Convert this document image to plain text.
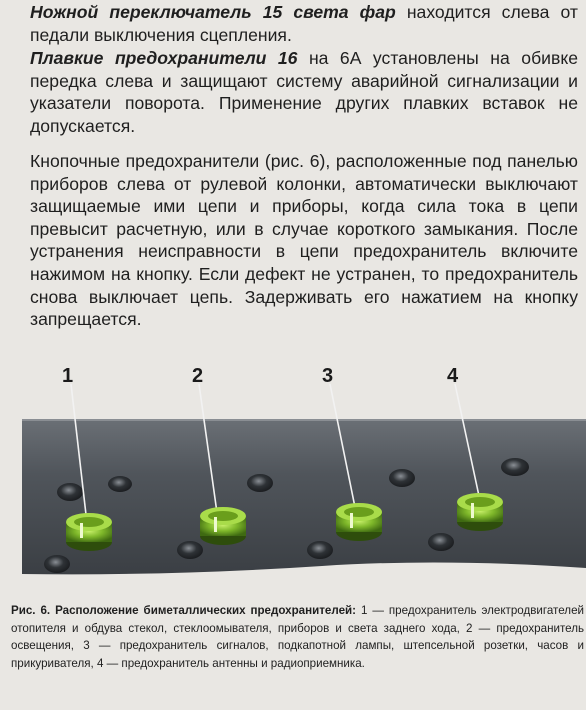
Ножной переключатель 15 света фар находится слева от педали выключения сцепления.

Плавкие предохранители 16 на 6А установлены на обивке передка слева и защищают систему аварийной сигнализации и указатели поворота. Применение других плавких вставок не допускается.

Кнопочные предохранители (рис. 6), расположенные под панелью приборов слева от рулевой колонки, автоматически выключают защищаемые ими цепи и приборы, когда сила тока в цепи превысит расчетную, или в случае короткого замыкания. После устранения неисправности в цепи предохранитель включите нажимом на кнопку. Если дефект не устранен, то предохранитель снова выключает цепь. Задерживать его нажатием на кнопку запрещается.

1	2	3	4

Рис. 6. Расположение биметаллических предохранителей: 1 — предохранитель электродвигателей отопителя и обдува стекол, стеклоомывателя, приборов и света заднего хода, 2 — предохранитель освещения, 3 — предохранитель сигналов, подкапотной лампы, штепсельной розетки, часов и прикуривателя, 4 — предохранитель антенны и радиоприемника.
